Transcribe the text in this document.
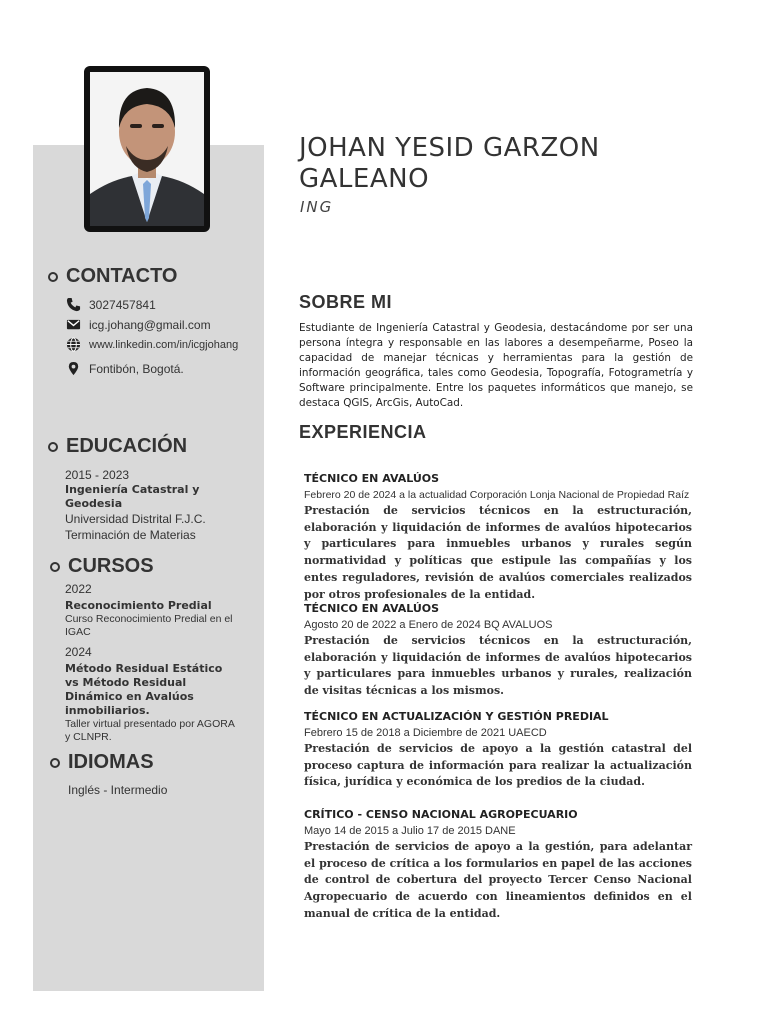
CONTACTO
3027457841
icg.johang@gmail.com
www.linkedin.com/in/icgjohang
Fontibón, Bogotá.
EDUCACIÓN
2015 - 2023
Ingeniería Catastral y Geodesia
Universidad Distrital F.J.C.
Terminación de Materias
CURSOS
2022
Reconocimiento Predial
Curso Reconocimiento Predial en el IGAC
2024
Método Residual Estático vs Método Residual Dinámico en Avalúos inmobiliarios.
Taller virtual presentado por AGORA y CLNPR.
IDIOMAS
Inglés - Intermedio
JOHAN YESID GARZON
GALEANO
ING
SOBRE MI
Estudiante de Ingeniería Catastral y Geodesia, destacándome por ser una persona íntegra y responsable en las labores a desempeñarme, Poseo la capacidad de manejar técnicas y herramientas para la gestión de información geográfica, tales como Geodesia, Topografía, Fotogrametría y Software principalmente. Entre los paquetes informáticos que manejo, se destaca QGIS, ArcGis, AutoCad.
EXPERIENCIA
TÉCNICO EN AVALÚOS
Febrero 20 de 2024 a la actualidad Corporación Lonja Nacional de Propiedad Raíz
Prestación de servicios técnicos en la estructuración, elaboración y liquidación de informes de avalúos hipotecarios y particulares para inmuebles urbanos y rurales según normatividad y políticas que estipule las compañías y los entes reguladores, revisión de avalúos comerciales realizados por otros profesionales de la entidad.
TÉCNICO EN AVALÚOS
Agosto 20 de 2022 a Enero de 2024 BQ AVALUOS
Prestación de servicios técnicos en la estructuración, elaboración y liquidación de informes de avalúos hipotecarios y particulares para inmuebles urbanos y rurales, realización de visitas técnicas a los mismos.
TÉCNICO EN ACTUALIZACIÓN Y GESTIÓN PREDIAL
Febrero 15 de 2018 a Diciembre de 2021 UAECD
Prestación de servicios de apoyo a la gestión catastral del proceso captura de información para realizar la actualización física, jurídica y económica de los predios de la ciudad.
CRÍTICO - CENSO NACIONAL AGROPECUARIO
Mayo 14 de 2015 a Julio 17 de 2015 DANE
Prestación de servicios de apoyo a la gestión, para adelantar el proceso de crítica a los formularios en papel de las acciones de control de cobertura del proyecto Tercer Censo Nacional Agropecuario de acuerdo con lineamientos definidos en el manual de crítica de la entidad.
